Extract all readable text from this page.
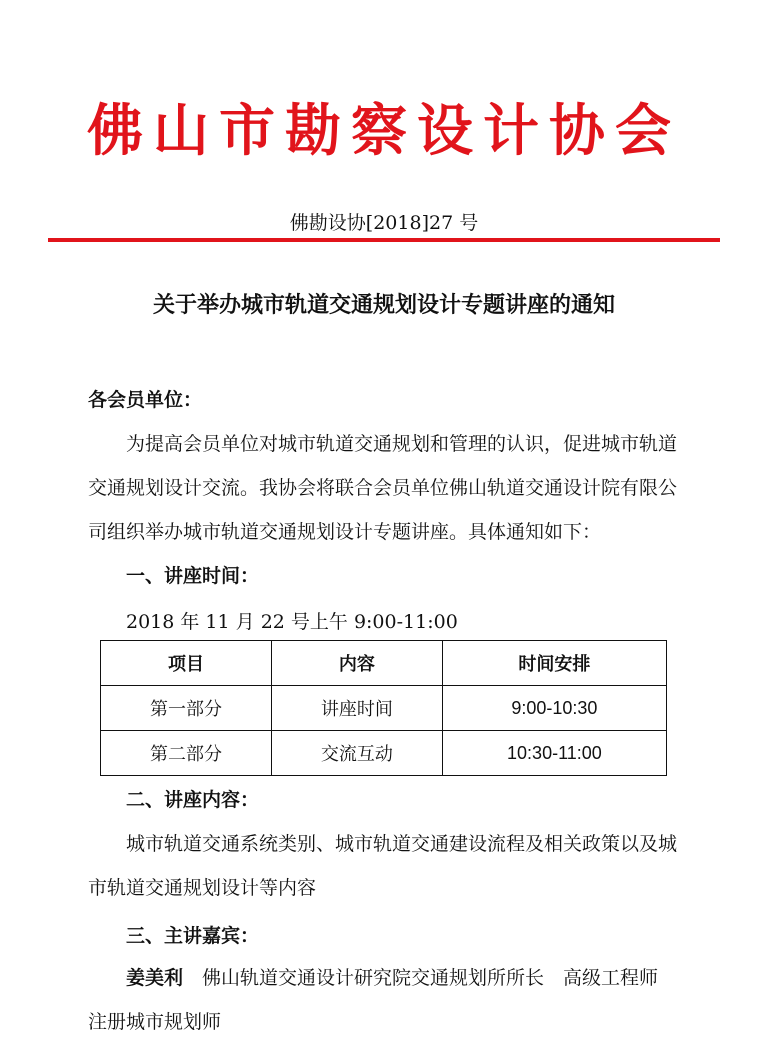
佛山市勘察设计协会
佛勘设协[2018]27 号
关于举办城市轨道交通规划设计专题讲座的通知
各会员单位：
为提高会员单位对城市轨道交通规划和管理的认识，促进城市轨道交通规划设计交流。我协会将联合会员单位佛山轨道交通设计院有限公司组织举办城市轨道交通规划设计专题讲座。具体通知如下：
一、讲座时间：
2018 年 11 月 22 号上午 9:00-11:00
项目	内容	时间安排
第一部分	讲座时间	9:00-10:30
第二部分	交流互动	10:30-11:00
二、讲座内容：
城市轨道交通系统类别、城市轨道交通建设流程及相关政策以及城市轨道交通规划设计等内容
三、主讲嘉宾：
姜美利　 佛山轨道交通设计研究院交通规划所所长　高级工程师　注册城市规划师
